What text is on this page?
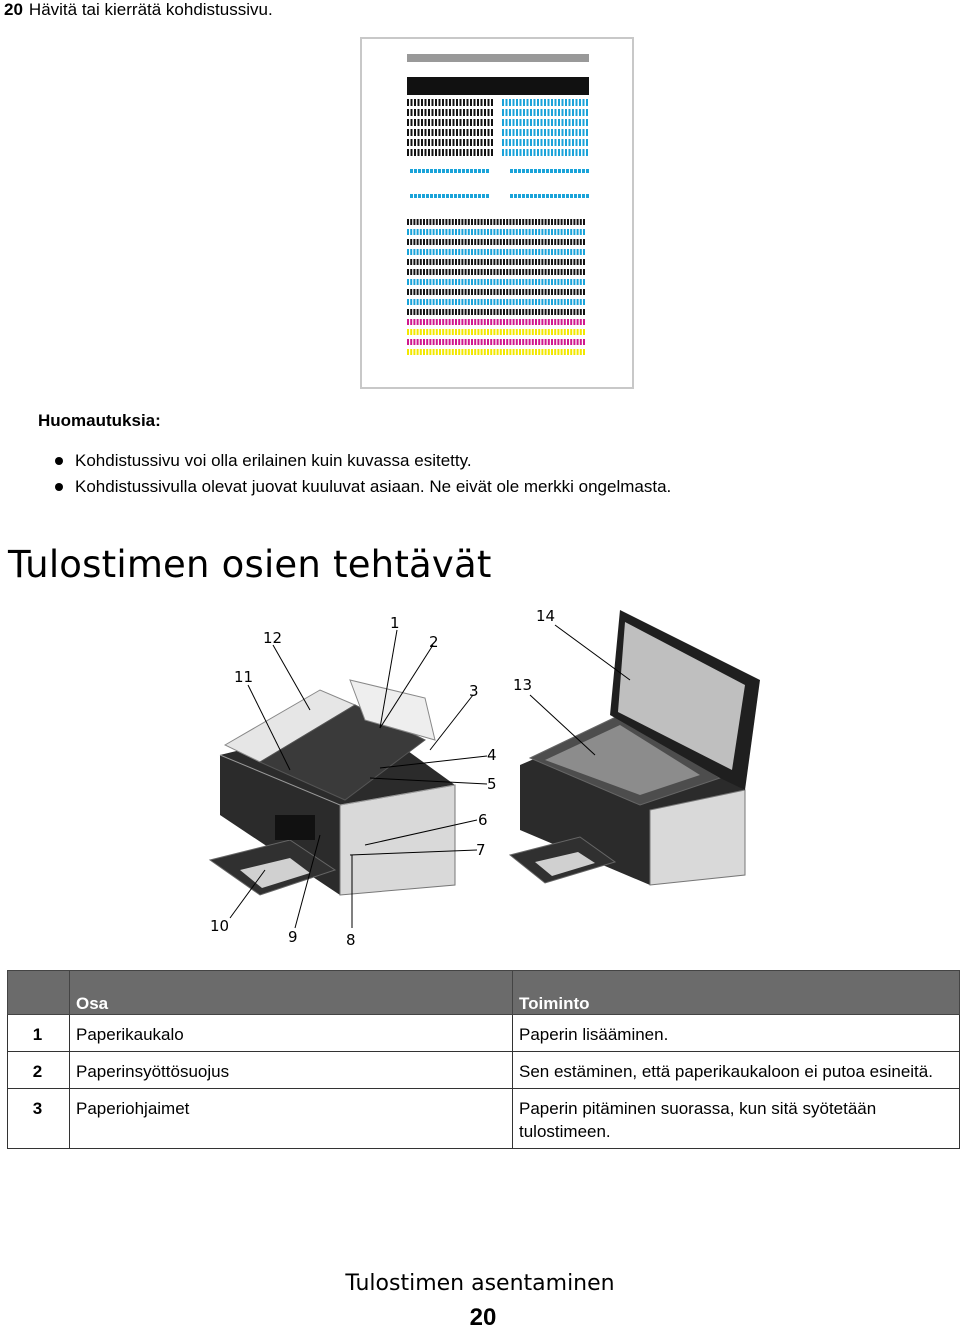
20 Hävitä tai kierrätä kohdistussivu.
Huomautuksia:
Kohdistussivu voi olla erilainen kuin kuvassa esitetty.
Kohdistussivulla olevat juovat kuuluvat asiaan. Ne eivät ole merkki ongelmasta.
Tulostimen osien tehtävät
1
2
3
4
5
6
7
8
9
10
11
12
13
14
	Osa	Toiminto
1	Paperikaukalo	Paperin lisääminen.
2	Paperinsyöttösuojus	Sen estäminen, että paperikaukaloon ei putoa esineitä.
3	Paperiohjaimet	Paperin pitäminen suorassa, kun sitä syötetään tulostimeen.
Tulostimen asentaminen
20
